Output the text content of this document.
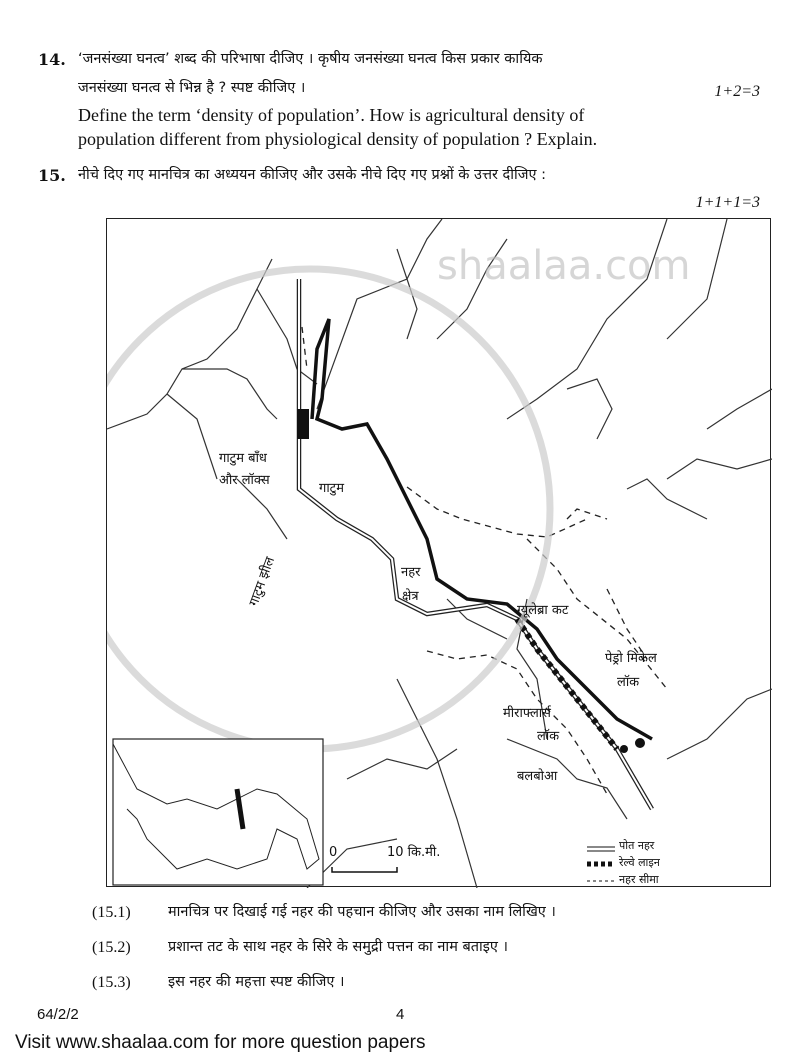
14. ‘जनसंख्या घनत्व’ शब्द की परिभाषा दीजिए । कृषीय जनसंख्या घनत्व किस प्रकार कायिक
जनसंख्या घनत्व से भिन्न है ? स्पष्ट कीजिए ।	1+2=3
Define the term ‘density of population’. How is agricultural density of
population different from physiological density of population ? Explain.
15. नीचे दिए गए मानचित्र का अध्ययन कीजिए और उसके नीचे दिए गए प्रश्नों के उत्तर दीजिए :
1+1+1=3
shaalaa.com
गाटुम बाँध
और लॉक्स
गाटुम
नहर
क्षेत्र
गाटुम झील
ग्यूलेब्रा कट
पेड्रो मिकेल
लॉक
मीराफ्लार्स
लॉक
बलबोआ
0	10 कि.मी.	पोत नहर
रेल्वे लाइन
नहर सीमा
(15.1)	मानचित्र पर दिखाई गई नहर की पहचान कीजिए और उसका नाम लिखिए ।
(15.2)	प्रशान्त तट के साथ नहर के सिरे के समुद्री पत्तन का नाम बताइए ।
(15.3)	इस नहर की महत्ता स्पष्ट कीजिए ।
64/2/2	4
Visit www.shaalaa.com for more question papers
